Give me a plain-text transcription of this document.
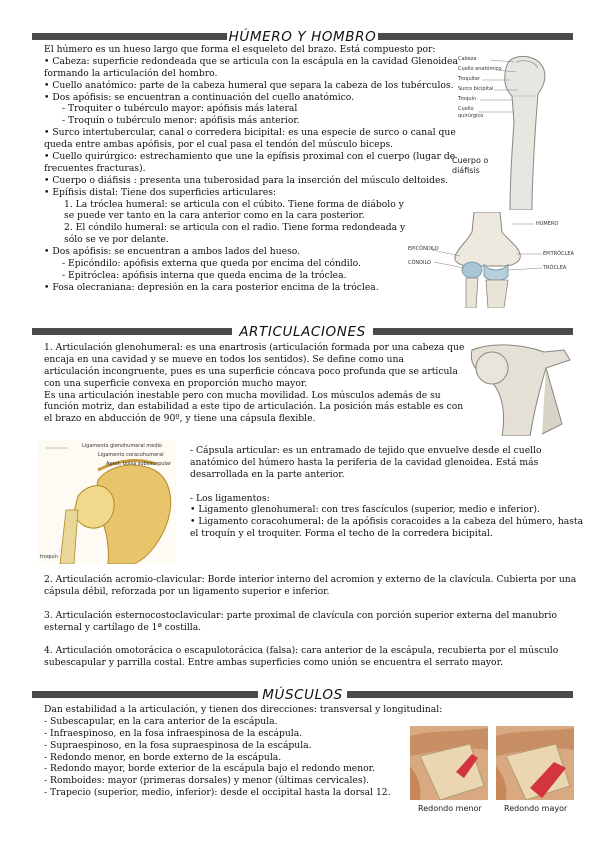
HÚMERO Y HOMBRO
El húmero es un hueso largo que forma el esqueleto del brazo. Está compuesto por:
• Cabeza: superficie redondeada que se articula con la escápula en la cavidad Glenoidea
formando la articulación del hombro.
• Cuello anatómico: parte de la cabeza humeral que separa la cabeza de los tubérculos.
• Dos apófisis: se encuentran a continuación del cuello anatómico.
- Troquiter o tubérculo mayor: apófisis más lateral
- Troquín o tubérculo menor: apófisis más anterior.
• Surco intertubercular, canal o corredera bicipital: es una especie de surco o canal que
queda entre ambas apófisis, por el cual pasa el tendón del músculo biceps.
• Cuello quirúrgico: estrechamiento que une la epífisis proximal con el cuerpo (lugar de
frecuentes fracturas).
• Cuerpo o diáfisis : presenta una tuberosidad para la inserción del músculo deltoides.
• Epífisis distal: Tiene dos superficies articulares:
1. La tróclea humeral: se articula con el cúbito. Tiene forma de diábolo y
se puede ver tanto en la cara anterior como en la cara posterior.
2. El cóndilo humeral: se articula con el radio. Tiene forma redondeada y
sólo se ve por delante.
• Dos apófisis: se encuentran a ambos lados del hueso.
- Epicóndilo: apófisis externa que queda por encima del cóndilo.
- Epitróclea: apófisis interna que queda encima de la tróclea.
• Fosa olecraniana: depresión en la cara posterior encima de la tróclea.
Cabeza
Cuello anatómico
Troquiter
Surco bicipital
Troquín
Cuello
quirúrgico
Cuerpo o
diáfisis
HÚMERO
EPICÓNDILO
EPITRÓCLEA
CÓNDILO
TRÓCLEA
ARTICULACIONES
1. Articulación glenohumeral: es una enartrosis (articulación formada por una cabeza que
encaja en una cavidad y se mueve en todos los sentidos). Se define como una
articulación incongruente, pues es una superficie cóncava poco profunda que se articula
con una superficie convexa en proporción mucho mayor.
Es una articulación inestable pero con mucha movilidad. Los músculos además de su
función motriz, dan estabilidad a este tipo de articulación. La posición más estable es con
el brazo en abducción de 90º, y tiene una cápsula flexible.
Ligamento glenohumeral medio
Ligamento coracohumeral
Apert. bolsa subescapular
troquín
- Cápsula articular: es un entramado de tejido que envuelve desde el cuello
anatómico del húmero hasta la periferia de la cavidad glenoidea. Está más
desarrollada en la parte anterior.
- Los ligamentos:
• Ligamento glenohumeral: con tres fascículos (superior, medio e inferior).
• Ligamento coracohumeral: de la apófisis coracoides a la cabeza del húmero, hasta
el troquín y el troquiter. Forma el techo de la corredera bicipital.
2. Articulación acromio-clavicular: Borde interior interno del acromion y externo de la clavícula. Cubierta por una
cápsula débil, reforzada por un ligamento superior e inferior.
3. Articulación esternocostoclavicular: parte proximal de clavícula con porción superior externa del manubrio
esternal y cartílago de 1ª costilla.
4. Articulación omotorácica o escapulotorácica (falsa): cara anterior de la escápula, recubierta por el músculo
subescapular y parrilla costal. Entre ambas superficies como unión se encuentra el serrato mayor.
MÚSCULOS
Dan estabilidad a la articulación, y tienen dos direcciones: transversal y longitudinal:
- Subescapular, en la cara anterior de la escápula.
- Infraespinoso, en la fosa infraespinosa de la escápula.
- Supraespinoso, en la fosa supraespinosa de la escápula.
- Redondo menor, en borde externo de la escápula.
- Redondo mayor, borde exterior de la escápula bajo el redondo menor.
- Romboides: mayor (primeras dorsales) y menor (últimas cervicales).
- Trapecio (superior, medio, inferior): desde el occipital hasta la dorsal 12.
Redondo menor	Redondo mayor
